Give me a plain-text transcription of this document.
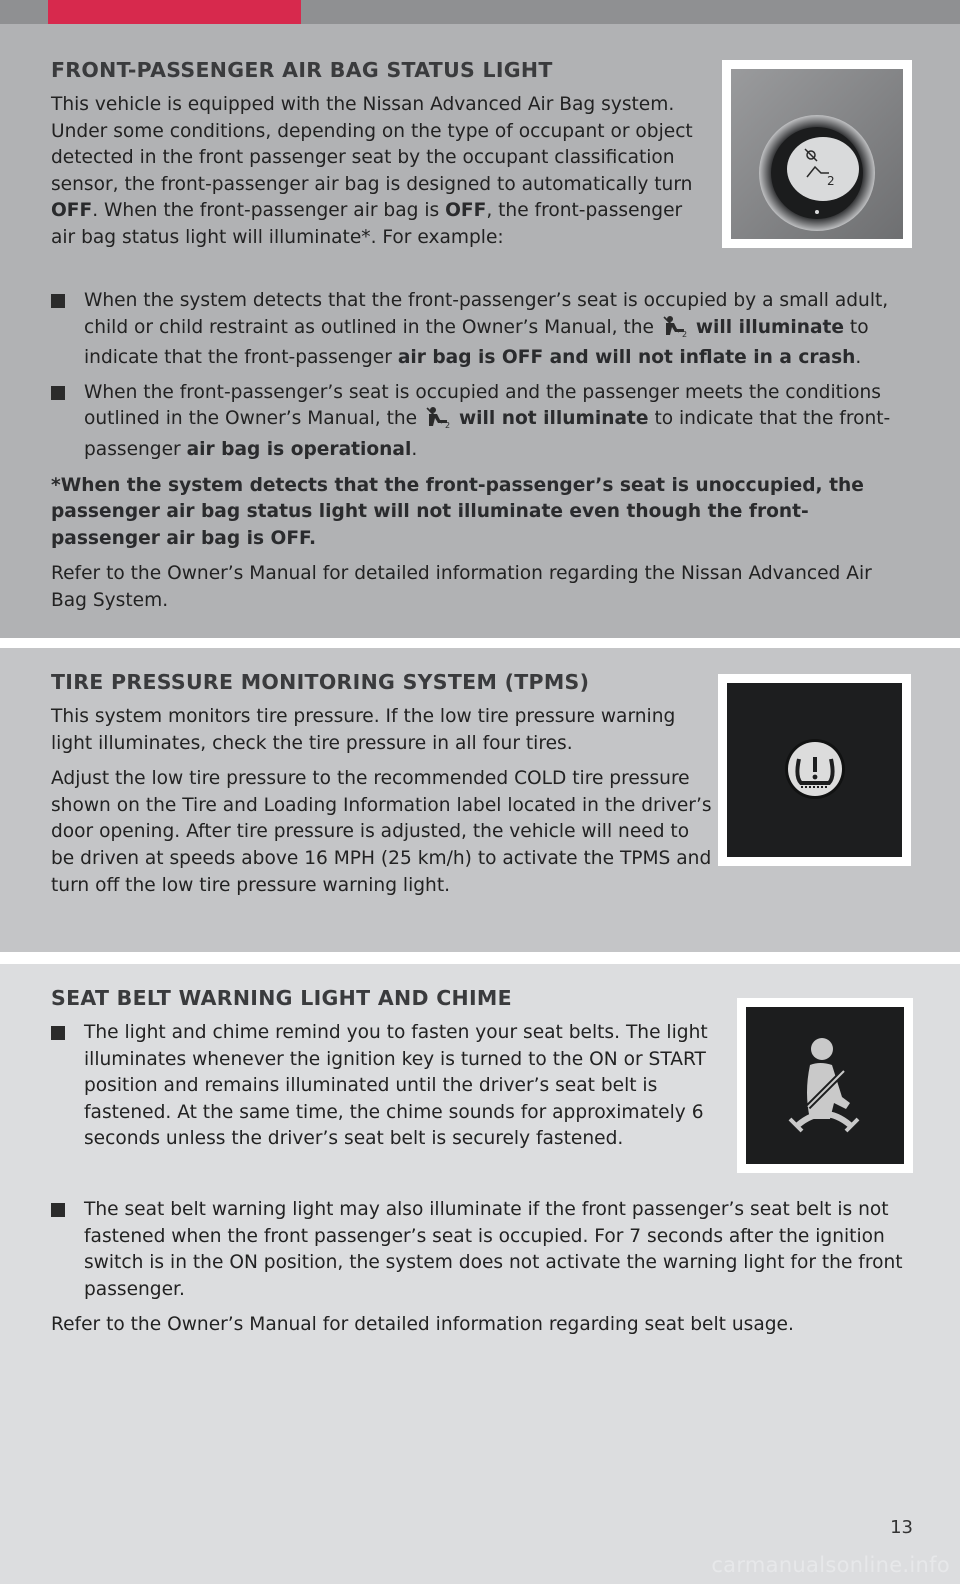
FRONT-PASSENGER AIR BAG STATUS LIGHT

This vehicle is equipped with the Nissan Advanced Air Bag system. Under some conditions, depending on the type of occupant or object detected in the front passenger seat by the occupant classification sensor, the front-passenger air bag is designed to automatically turn OFF. When the front-passenger air bag is OFF, the front-passenger air bag status light will illuminate*. For example:

When the system detects that the front-passenger’s seat is occupied by a small adult, child or child restraint as outlined in the Owner’s Manual, the	2 will illuminate to indicate that the front-passenger air bag is OFF and will not inflate in a crash.
When the front-passenger’s seat is occupied and the passenger meets the conditions outlined in the Owner’s Manual, the	2 will not illuminate to indicate that the front-passenger air bag is operational.

*When the system detects that the front-passenger’s seat is unoccupied, the passenger air bag status light will not illuminate even though the front-passenger air bag is OFF.

Refer to the Owner’s Manual for detailed information regarding the Nissan Advanced Air Bag System.

2
TIRE PRESSURE MONITORING SYSTEM (TPMS)

This system monitors tire pressure. If the low tire pressure warning light illuminates, check the tire pressure in all four tires.

Adjust the low tire pressure to the recommended COLD tire pressure shown on the Tire and Loading Information label located in the driver’s door opening. After tire pressure is adjusted, the vehicle will need to be driven at speeds above 16 MPH (25 km/h) to activate the TPMS and turn off the low tire pressure warning light.

SEAT BELT WARNING LIGHT AND CHIME
The light and chime remind you to fasten your seat belts. The light illuminates whenever the ignition key is turned to the ON or START position and remains illuminated until the driver’s seat belt is fastened. At the same time, the chime sounds for approximately 6 seconds unless the driver’s seat belt is securely fastened.
The seat belt warning light may also illuminate if the front passenger’s seat belt is not fastened when the front passenger’s seat is occupied. For 7 seconds after the ignition switch is in the ON position, the system does not activate the warning light for the front passenger.

Refer to the Owner’s Manual for detailed information regarding seat belt usage.

13
carmanualsonline.info
